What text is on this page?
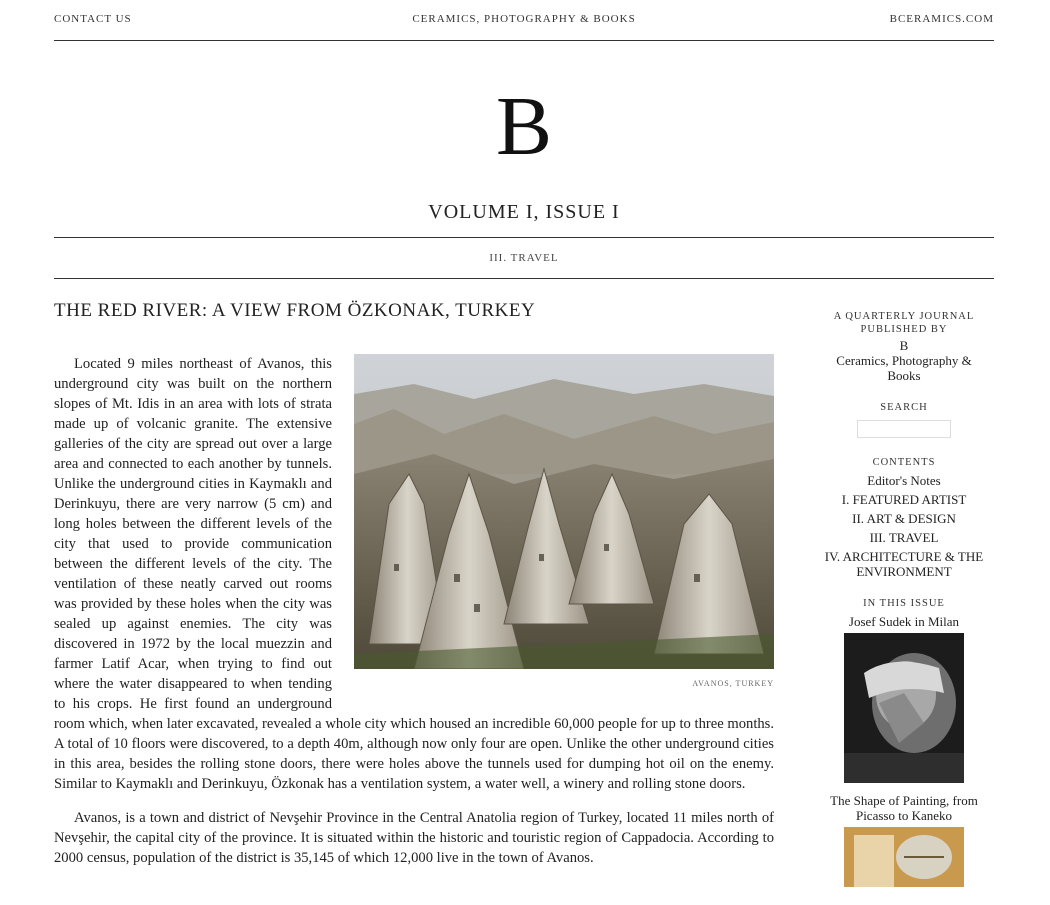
CONTACT US	CERAMICS, PHOTOGRAPHY & BOOKS	BCERAMICS.COM
B
VOLUME I, ISSUE I
III. TRAVEL
THE RED RIVER: A VIEW FROM ÖZKONAK, TURKEY

AVANOS, TURKEY
Located 9 miles northeast of Avanos, this underground city was built on the northern slopes of Mt. Idis in an area with lots of strata made up of volcanic granite. The extensive galleries of the city are spread out over a large area and connected to each another by tunnels. Unlike the underground cities in Kaymaklı and Derinkuyu, there are very narrow (5 cm) and long holes between the different levels of the city that used to provide communication between the different levels of the city. The ventilation of these neatly carved out rooms was provided by these holes when the city was sealed up against enemies. The city was discovered in 1972 by the local muezzin and farmer Latif Acar, when trying to find out where the water disappeared to when tending to his crops. He first found an underground room which, when later excavated, revealed a whole city which housed an incredible 60,000 people for up to three months. A total of 10 floors were discovered, to a depth 40m, although now only four are open. Unlike the other underground cities in this area, besides the rolling stone doors, there were holes above the tunnels used for dumping hot oil on the enemy. Similar to Kaymaklı and Derinkuyu, Özkonak has a ventilation system, a water well, a winery and rolling stone doors.

Avanos, is a town and district of Nevşehir Province in the Central Anatolia region of Turkey, located 11 miles north of Nevşehir, the capital city of the province. It is situated within the historic and touristic region of Cappadocia. According to 2000 census, population of the district is 35,145 of which 12,000 live in the town of Avanos.

A QUARTERLY JOURNAL PUBLISHED BY
B
Ceramics, Photography & Books
SEARCH
CONTENTS
Editor's Notes
I. FEATURED ARTIST
II. ART & DESIGN
III. TRAVEL
IV. ARCHITECTURE & THE ENVIRONMENT
IN THIS ISSUE
Josef Sudek in Milan
The Shape of Painting, from Picasso to Kaneko
